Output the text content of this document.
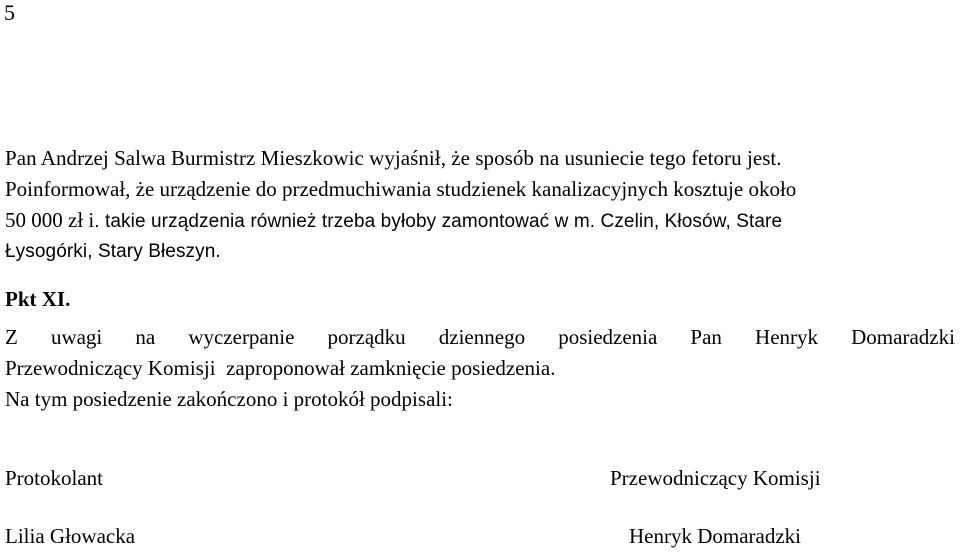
5
Pan Andrzej Salwa Burmistrz Mieszkowic wyjaśnił, że sposób na usuniecie tego fetoru jest.
Poinformował, że urządzenie do przedmuchiwania studzienek kanalizacyjnych kosztuje około
50 000 zł i. takie urządzenia również trzeba byłoby zamontować w m. Czelin, Kłosów, Stare
Łysogórki, Stary Błeszyn.
Pkt XI.
Z uwagi na wyczerpanie porządku dziennego posiedzenia Pan Henryk Domaradzki
Przewodniczący Komisji  zaproponował zamknięcie posiedzenia.
Na tym posiedzenie zakończono i protokół podpisali:
Protokolant
Lilia Głowacka
Przewodniczący Komisji
Henryk Domaradzki
